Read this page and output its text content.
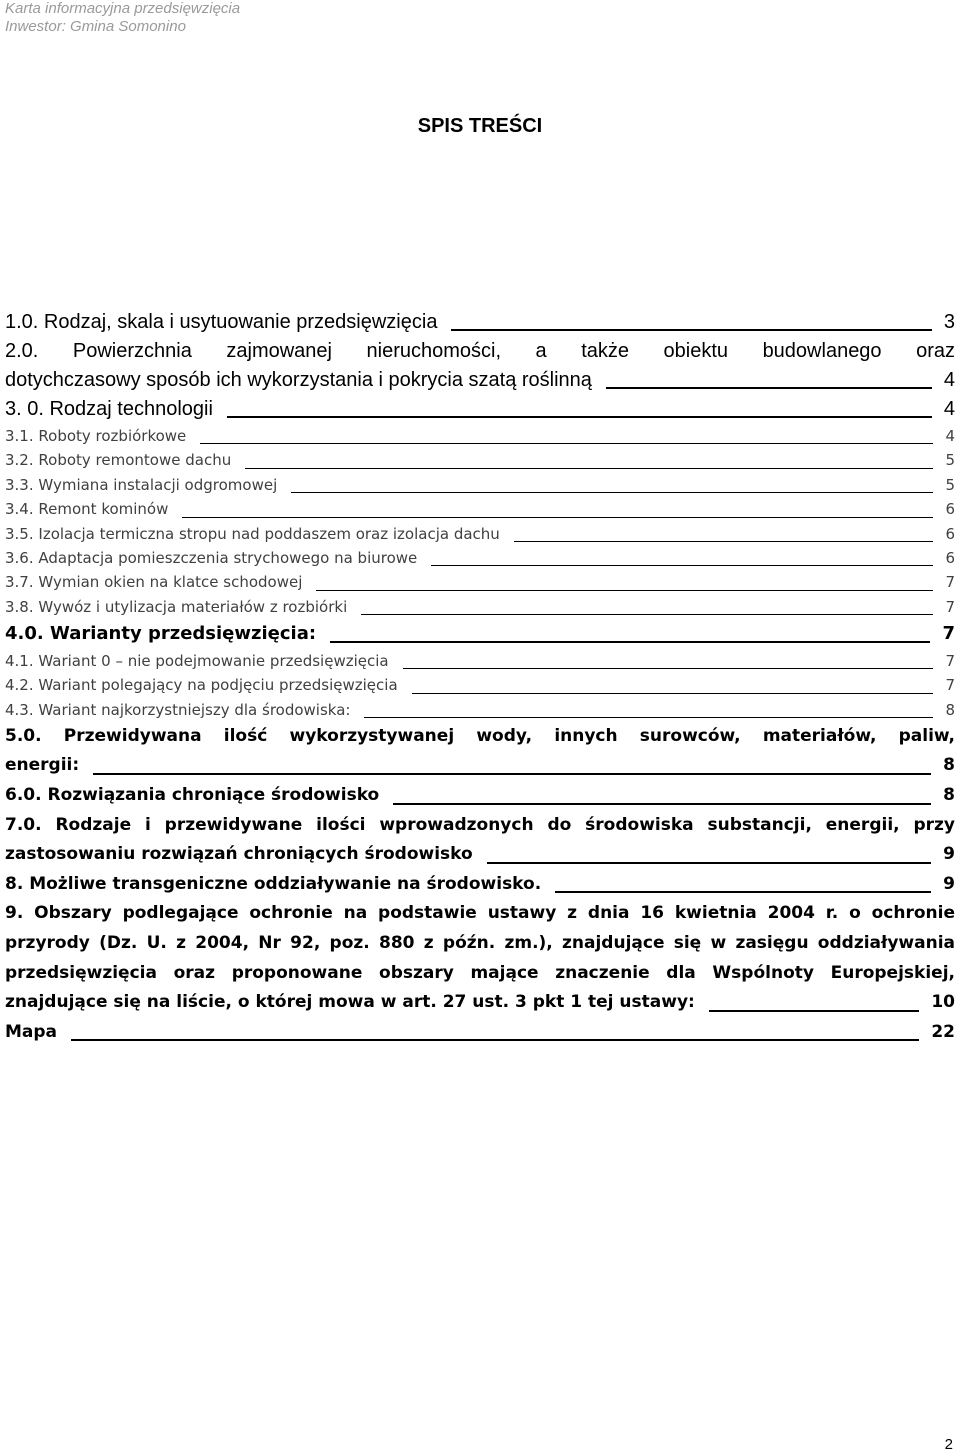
Karta informacyjna przedsięwzięcia
Inwestor: Gmina Somonino
SPIS TREŚCI
1.0. Rodzaj, skala i usytuowanie przedsięwzięcia	3
2.0. Powierzchnia zajmowanej nieruchomości, a także obiektu budowlanego oraz
dotychczasowy sposób ich wykorzystania i pokrycia szatą roślinną	4
3. 0. Rodzaj technologii	4
3.1. Roboty rozbiórkowe	4
3.2. Roboty remontowe dachu	5
3.3. Wymiana instalacji odgromowej	5
3.4. Remont kominów	6
3.5. Izolacja termiczna stropu nad poddaszem oraz izolacja dachu	6
3.6. Adaptacja pomieszczenia strychowego na biurowe	6
3.7. Wymian okien na klatce schodowej	7
3.8. Wywóz i utylizacja materiałów z rozbiórki	7
4.0. Warianty przedsięwzięcia:	7
4.1. Wariant 0 – nie podejmowanie przedsięwzięcia	7
4.2. Wariant polegający na podjęciu przedsięwzięcia	7
4.3. Wariant najkorzystniejszy dla środowiska:	8
5.0. Przewidywana ilość wykorzystywanej wody, innych surowców, materiałów, paliw,
energii:	8
6.0. Rozwiązania chroniące środowisko	8
7.0. Rodzaje i przewidywane ilości wprowadzonych do środowiska substancji, energii, przy
zastosowaniu rozwiązań chroniących środowisko	9
8. Możliwe transgeniczne oddziaływanie na środowisko.	9
9. Obszary podlegające ochronie na podstawie ustawy z dnia 16 kwietnia 2004 r. o ochronie
przyrody (Dz. U. z 2004, Nr 92, poz. 880 z późn. zm.), znajdujące się w zasięgu oddziaływania
przedsięwzięcia oraz proponowane obszary mające znaczenie dla Wspólnoty Europejskiej,
znajdujące się na liście, o której mowa w art. 27 ust. 3 pkt 1 tej ustawy:	10
Mapa	22
2
